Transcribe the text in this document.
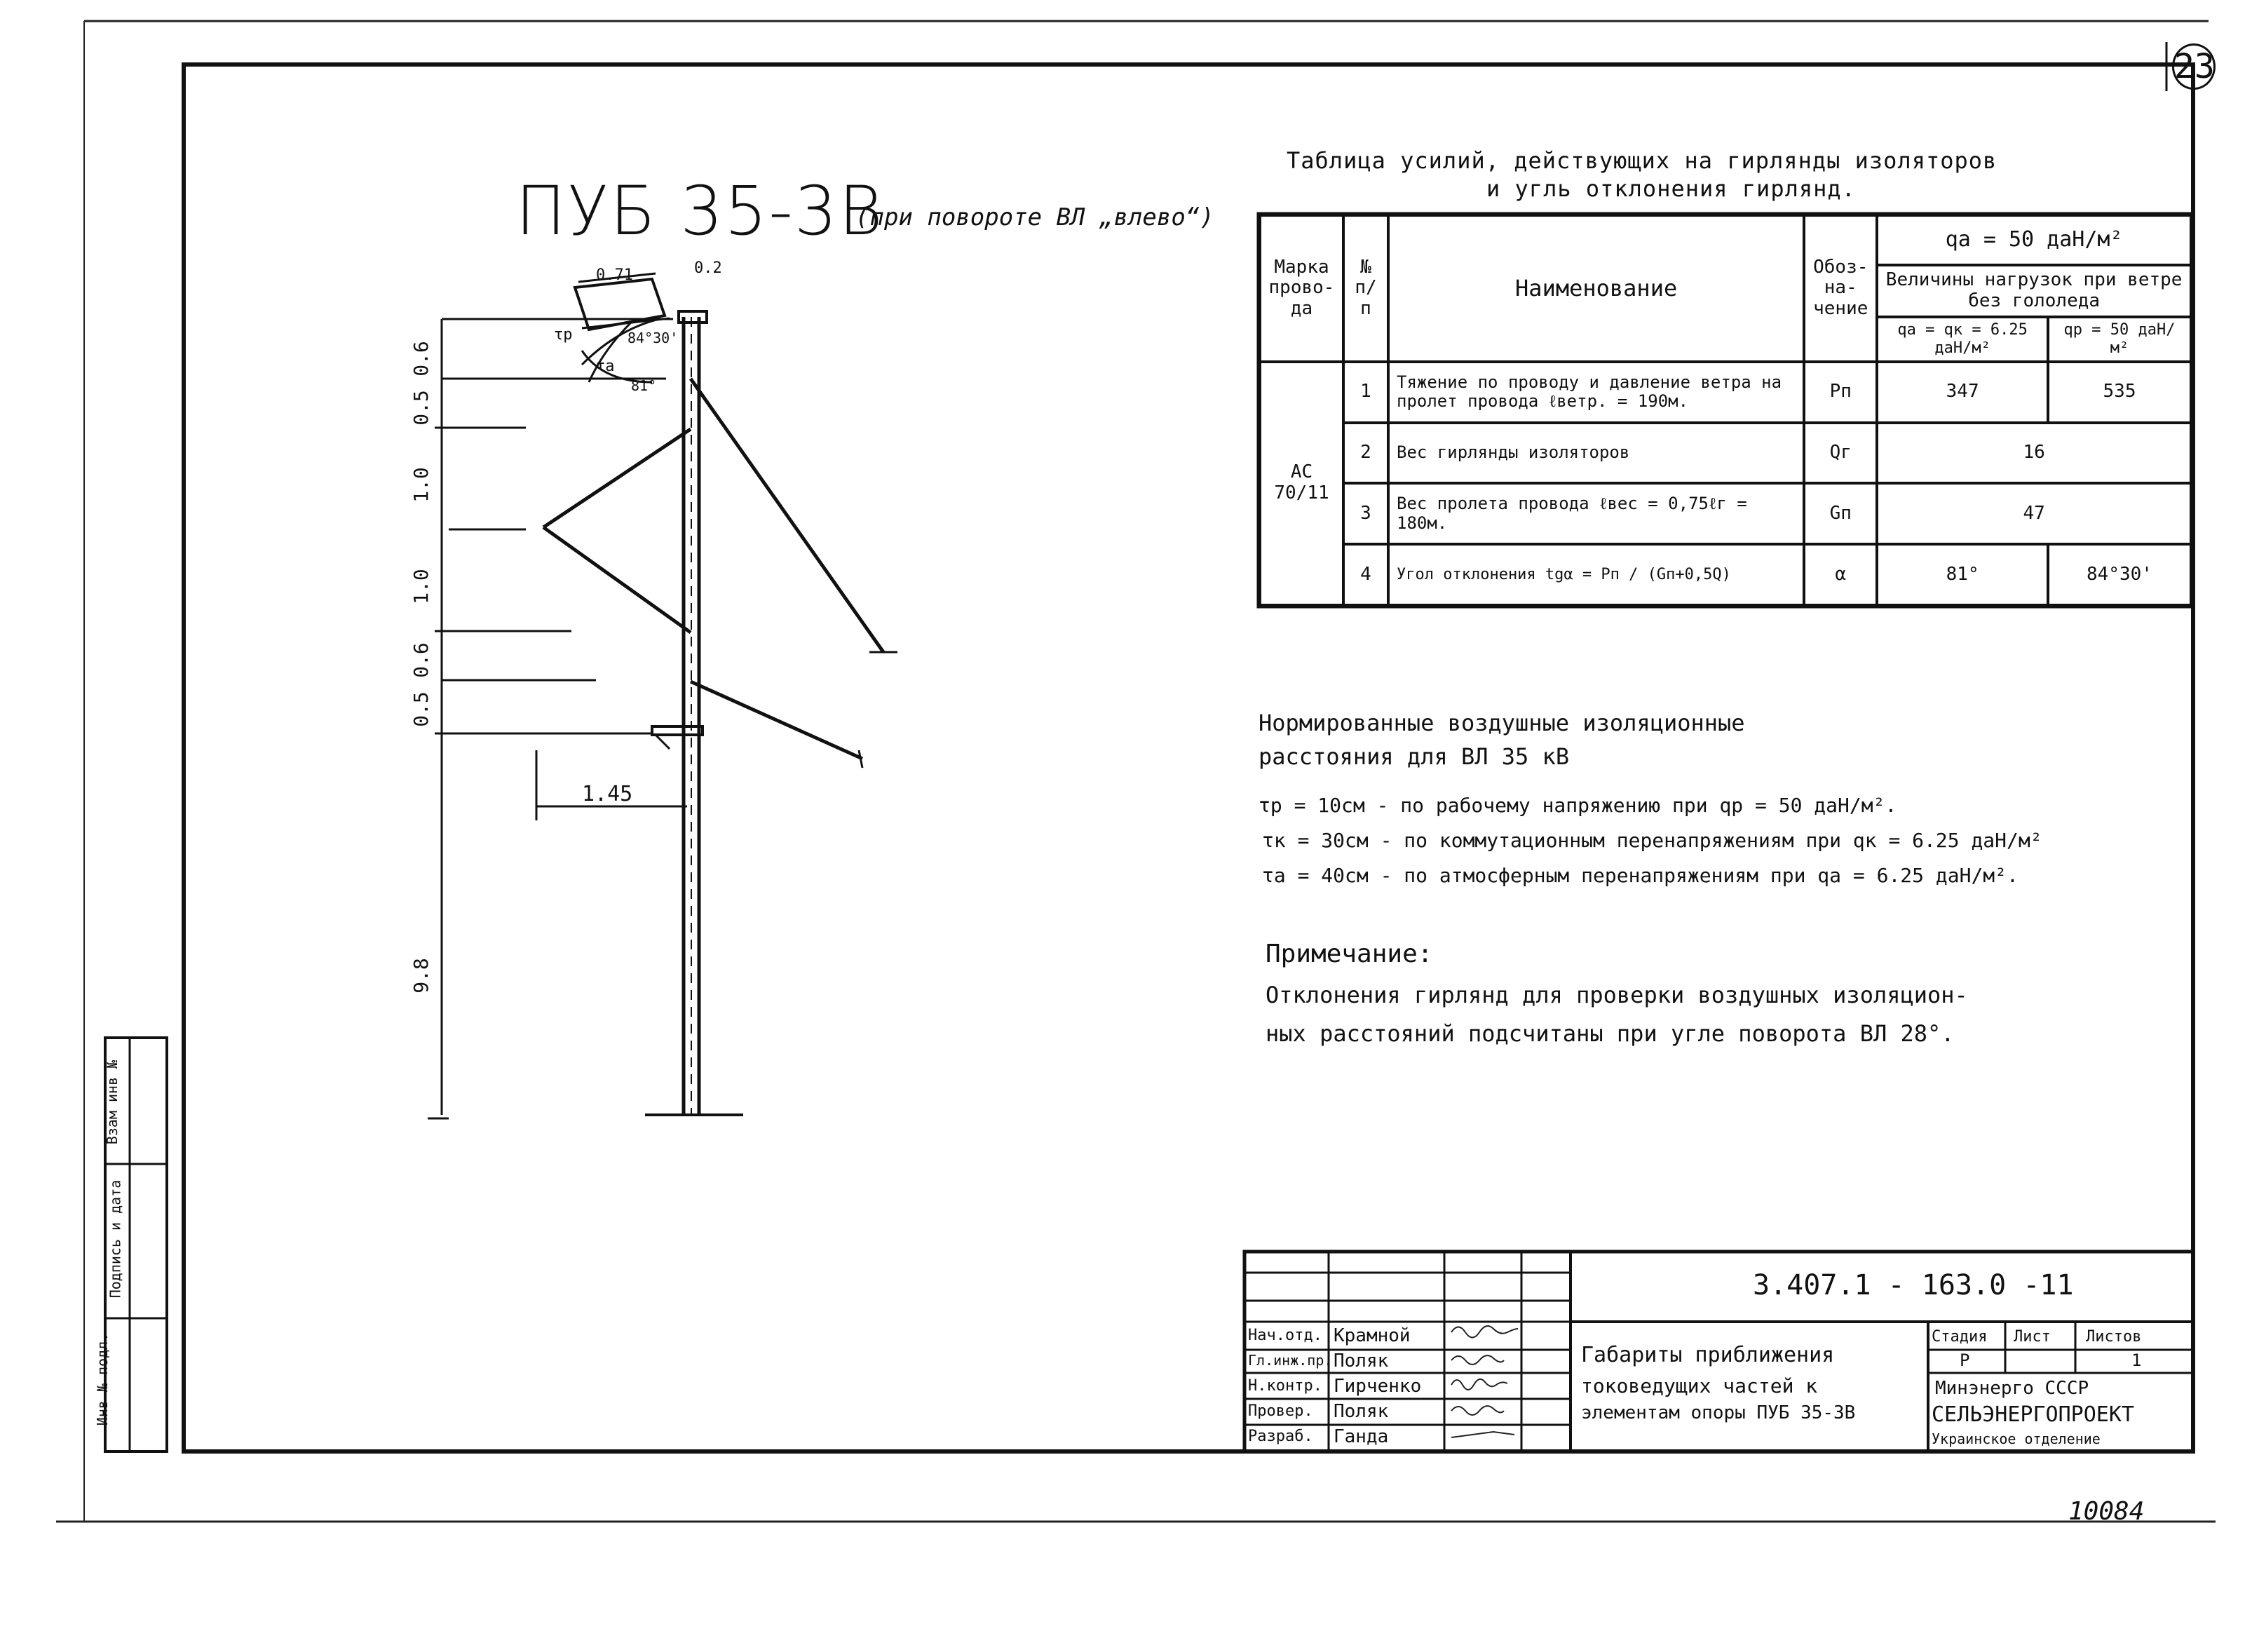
23
10084
ПУБ 35-3В
(при повороте ВЛ „влево“)
0.71	0.2
τр
τа
84°30'
81°
0.6
0.5
1.0
1.0
0.6
0.5
9.8
1.45
Таблица усилий, действующих на гирлянды изоляторов
и угль отклонения гирлянд.
Марка прово-да	№ п/п	Наименование	Обоз-на-чение	qа = 50 даН/м²	
				Величины нагрузок при ветре без гололеда	
				qа = qк = 6.25 даН/м²	qр = 50 даН/м²
АС 70/11	1	Тяжение по проводу и давление ветра на пролет провода ℓветр. = 190м.	Pп	347	535
	2	Вес гирлянды изоляторов	Qг	16	
	3	Вес пролета провода ℓвес = 0,75ℓг = 180м.	Gп	47	
	4	Угол отклонения tgα = Pп / (Gп+0,5Q)	α	81°	84°30'
Нормированные воздушные изоляционные
расстояния для ВЛ 35 кВ
τр = 10см - по рабочему напряжению при qр = 50 даН/м².
τк = 30см - по коммутационным перенапряжениям при qк = 6.25 даН/м²
τа = 40см - по атмосферным перенапряжениям при qа = 6.25 даН/м².
Примечание:
Отклонения гирлянд для проверки воздушных изоляцион-
ных расстояний подсчитаны при угле поворота ВЛ 28°.
Инв № подл.
Подпись и дата
Взам инв №
3.407.1 - 163.0 -11
Габариты приближения
токоведущих частей к
элементам опоры ПУБ 35-3В
Стадия Лист Листов
Р	1
Минэнерго СССР
СЕЛЬЭНЕРГОПРОЕКТ
Украинское отделение
Нач.отд. Крамной
Гл.инж.пр. Поляк
Н.контр. Гирченко
Провер. Поляк
Разраб. Ганда
